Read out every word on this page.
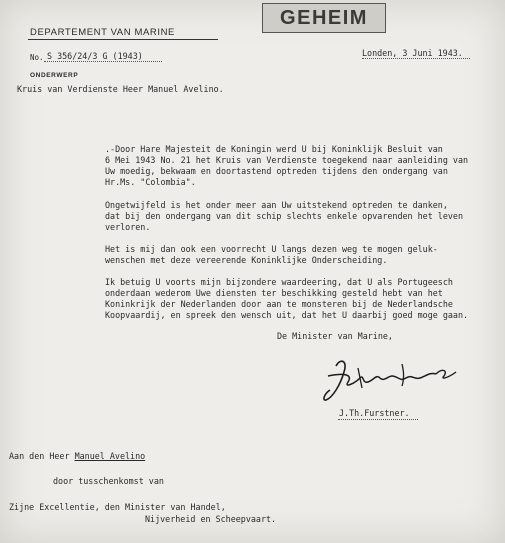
GEHEIM
DEPARTEMENT VAN MARINE
Londen, 3 Juni 1943.
No. S 356/24/3 G (1943)
ONDERWERP
Kruis van Verdienste Heer Manuel Avelino.
.-Door Hare Majesteit de Koningin werd U bij Koninklijk Besluit van
6 Mei 1943 No. 21 het Kruis van Verdienste toegekend naar aanleiding van
Uw moedig, bekwaam en doortastend optreden tijdens den ondergang van
Hr.Ms. "Colombia".
Ongetwijfeld is het onder meer aan Uw uitstekend optreden te danken,
dat bij den ondergang van dit schip slechts enkele opvarenden het leven
verloren.
Het is mij dan ook een voorrecht U langs dezen weg te mogen geluk-
wenschen met deze vereerende Koninklijke Onderscheiding.
Ik betuig U voorts mijn bijzondere waardeering, dat U als Portugeesch
onderdaan wederom Uwe diensten ter beschikking gesteld hebt van het
Koninkrijk der Nederlanden door aan te monsteren bij de Nederlandsche
Koopvaardij, en spreek den wensch uit, dat het U daarbij goed moge gaan.
De Minister van Marine,
J.Th.Furstner.
Aan den Heer Manuel Avelino
door tusschenkomst van
Zijne Excellentie, den Minister van Handel,
Nijverheid en Scheepvaart.
